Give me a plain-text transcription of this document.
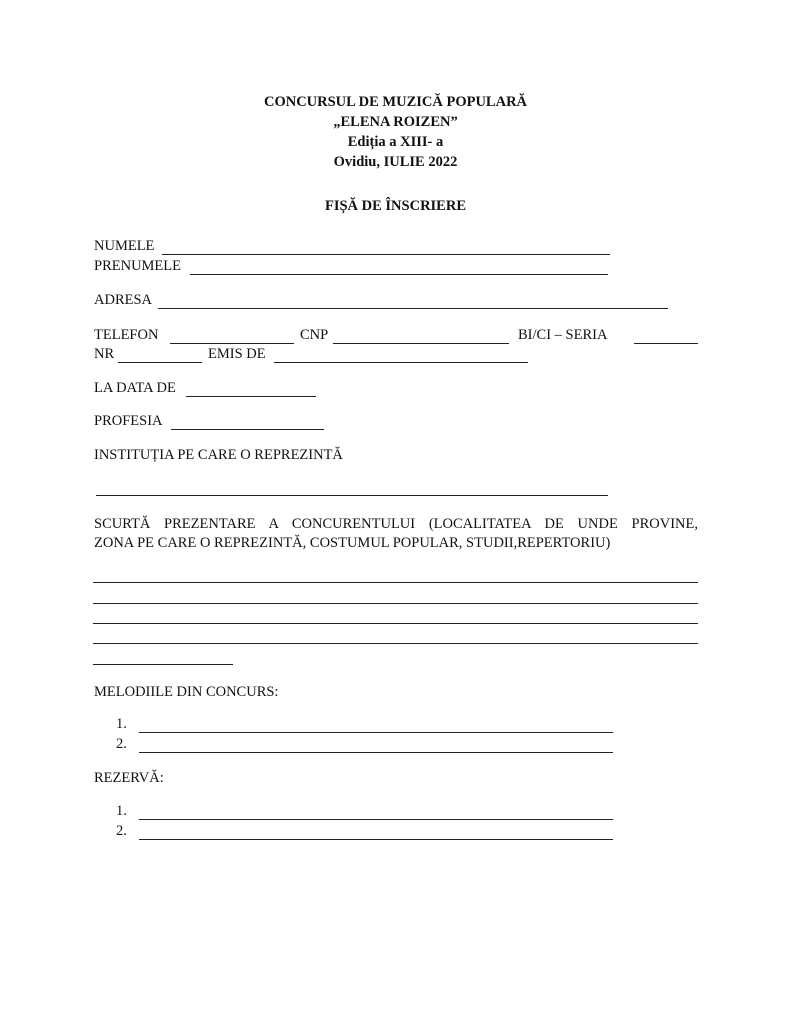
CONCURSUL DE MUZICĂ POPULARĂ
„ELENA ROIZEN”
Ediția a XIII- a
Ovidiu, IULIE 2022
FIȘĂ DE ÎNSCRIERE
NUMELE
PRENUMELE
ADRESA
TELEFON	CNP	BI/CI – SERIA
NR	EMIS DE
LA DATA DE
PROFESIA
INSTITUȚIA PE CARE O REPREZINTĂ
SCURTĂ PREZENTARE A CONCURENTULUI (LOCALITATEA DE UNDE PROVINE,
ZONA PE CARE O REPREZINTĂ, COSTUMUL POPULAR, STUDII,REPERTORIU)
MELODIILE DIN CONCURS:
1.
2.
REZERVĂ:
1.
2.
